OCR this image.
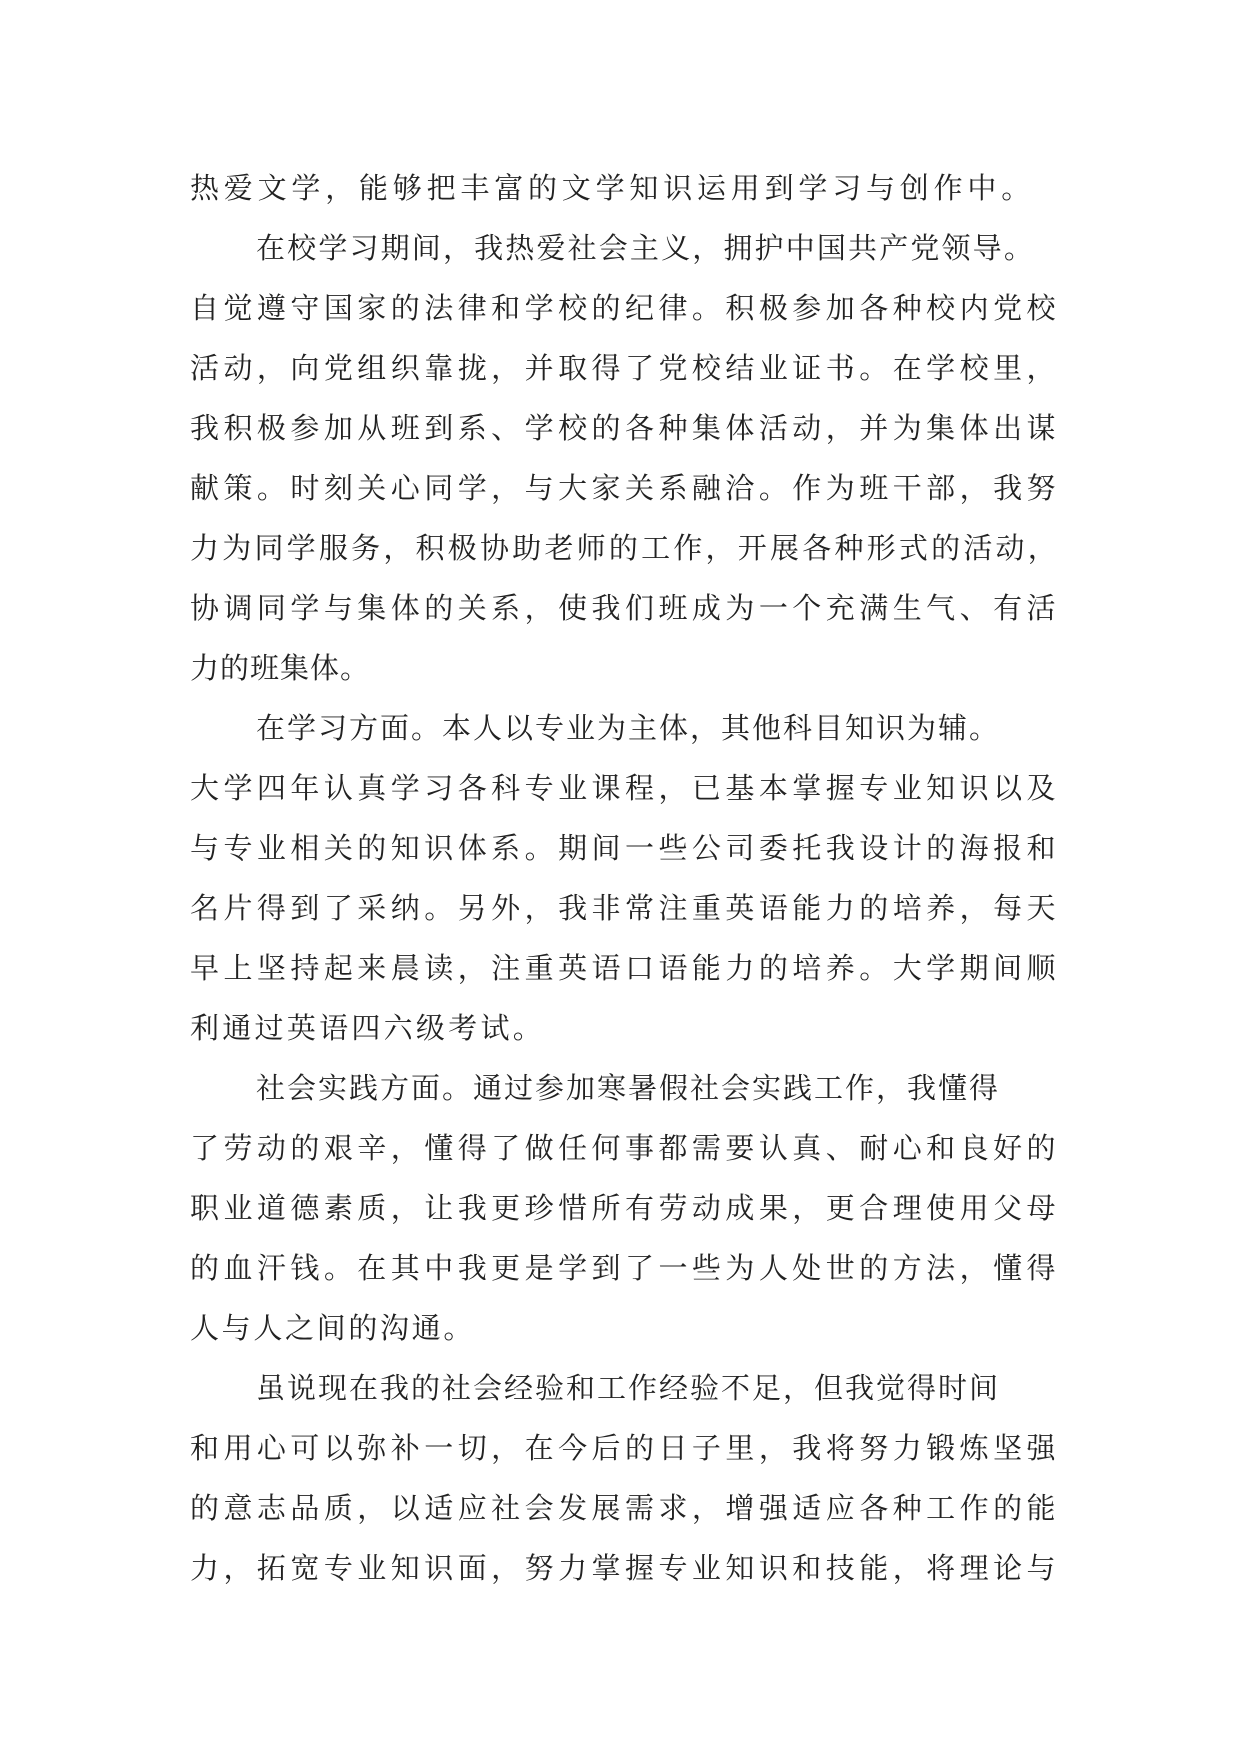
热爱文学，能够把丰富的文学知识运用到学习与创作中。
在校学习期间，我热爱社会主义，拥护中国共产党领导。
自觉遵守国家的法律和学校的纪律。积极参加各种校内党校
活动，向党组织靠拢，并取得了党校结业证书。在学校里，
我积极参加从班到系、学校的各种集体活动，并为集体出谋
献策。时刻关心同学，与大家关系融洽。作为班干部，我努
力为同学服务，积极协助老师的工作，开展各种形式的活动，
协调同学与集体的关系，使我们班成为一个充满生气、有活
力的班集体。
在学习方面。本人以专业为主体，其他科目知识为辅。
大学四年认真学习各科专业课程，已基本掌握专业知识以及
与专业相关的知识体系。期间一些公司委托我设计的海报和
名片得到了采纳。另外，我非常注重英语能力的培养，每天
早上坚持起来晨读，注重英语口语能力的培养。大学期间顺
利通过英语四六级考试。
社会实践方面。通过参加寒暑假社会实践工作，我懂得
了劳动的艰辛，懂得了做任何事都需要认真、耐心和良好的
职业道德素质，让我更珍惜所有劳动成果，更合理使用父母
的血汗钱。在其中我更是学到了一些为人处世的方法，懂得
人与人之间的沟通。
虽说现在我的社会经验和工作经验不足，但我觉得时间
和用心可以弥补一切，在今后的日子里，我将努力锻炼坚强
的意志品质，以适应社会发展需求，增强适应各种工作的能
力，拓宽专业知识面，努力掌握专业知识和技能，将理论与
